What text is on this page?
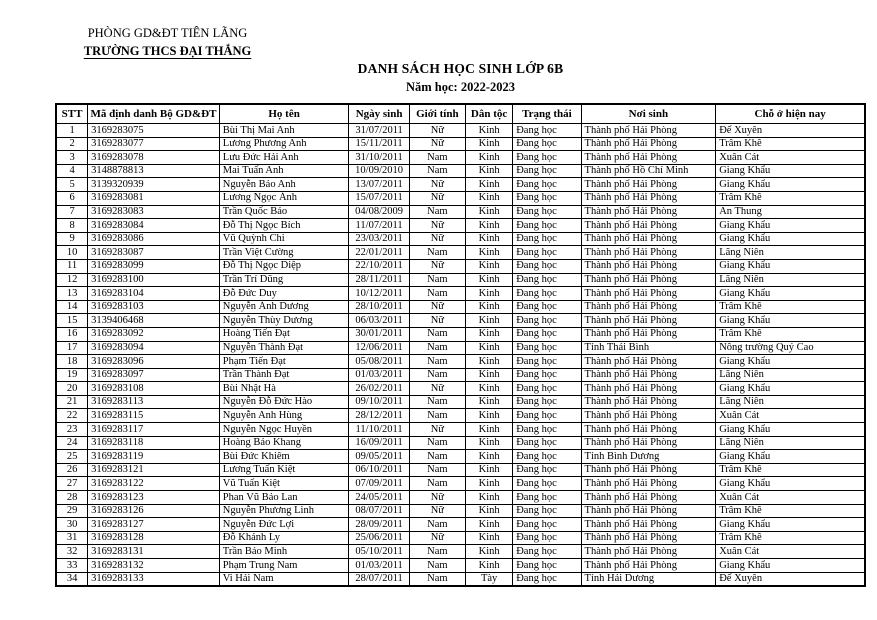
PHÒNG GD&ĐT TIÊN LÃNG
TRƯỜNG THCS ĐẠI THẮNG
DANH SÁCH HỌC SINH LỚP 6B
Năm học: 2022-2023
STT	Mã định danh Bộ GD&ĐT	Họ tên	Ngày sinh	Giới tính	Dân tộc	Trạng thái	Nơi sinh	Chỗ ở hiện nay
1	3169283075	Bùi Thị Mai Anh	31/07/2011	Nữ	Kinh	Đang học	Thành phố Hải Phòng	Để Xuyên
2	3169283077	Lương Phương Anh	15/11/2011	Nữ	Kinh	Đang học	Thành phố Hải Phòng	Trâm Khê
3	3169283078	Lưu Đức Hải Anh	31/10/2011	Nam	Kinh	Đang học	Thành phố Hải Phòng	Xuân Cát
4	3148878813	Mai Tuấn Anh	10/09/2010	Nam	Kinh	Đang học	Thành phố Hồ Chí Minh	Giang Khẩu
5	3139320939	Nguyễn Bảo Anh	13/07/2011	Nữ	Kinh	Đang học	Thành phố Hải Phòng	Giang Khẩu
6	3169283081	Lương Ngọc Ánh	15/07/2011	Nữ	Kinh	Đang học	Thành phố Hải Phòng	Trâm Khê
7	3169283083	Trần Quốc Bảo	04/08/2009	Nam	Kinh	Đang học	Thành phố Hải Phòng	An Thung
8	3169283084	Đỗ Thị Ngọc Bích	11/07/2011	Nữ	Kinh	Đang học	Thành phố Hải Phòng	Giang Khẩu
9	3169283086	Vũ Quỳnh Chi	23/03/2011	Nữ	Kinh	Đang học	Thành phố Hải Phòng	Giang Khẩu
10	3169283087	Trần Việt Cường	22/01/2011	Nam	Kinh	Đang học	Thành phố Hải Phòng	Lãng Niên
11	3169283099	Đỗ Thị Ngọc Diệp	22/10/2011	Nữ	Kinh	Đang học	Thành phố Hải Phòng	Giang Khẩu
12	3169283100	Trần Trí Dũng	28/11/2011	Nam	Kinh	Đang học	Thành phố Hải Phòng	Lãng Niên
13	3169283104	Đỗ Đức Duy	10/12/2011	Nam	Kinh	Đang học	Thành phố Hải Phòng	Giang Khẩu
14	3169283103	Nguyễn Ánh Dương	28/10/2011	Nữ	Kinh	Đang học	Thành phố Hải Phòng	Trâm Khê
15	3139406468	Nguyễn Thùy Dương	06/03/2011	Nữ	Kinh	Đang học	Thành phố Hải Phòng	Giang Khẩu
16	3169283092	Hoàng Tiến Đạt	30/01/2011	Nam	Kinh	Đang học	Thành phố Hải Phòng	Trâm Khê
17	3169283094	Nguyễn Thành Đạt	12/06/2011	Nam	Kinh	Đang học	Tỉnh Thái Bình	Nông trường Quý Cao
18	3169283096	Phạm Tiến Đạt	05/08/2011	Nam	Kinh	Đang học	Thành phố Hải Phòng	Giang Khẩu
19	3169283097	Trần Thành Đạt	01/03/2011	Nam	Kinh	Đang học	Thành phố Hải Phòng	Lãng Niên
20	3169283108	Bùi Nhật Hà	26/02/2011	Nữ	Kinh	Đang học	Thành phố Hải Phòng	Giang Khẩu
21	3169283113	Nguyễn Đỗ Đức Hào	09/10/2011	Nam	Kinh	Đang học	Thành phố Hải Phòng	Lãng Niên
22	3169283115	Nguyễn Anh Hùng	28/12/2011	Nam	Kinh	Đang học	Thành phố Hải Phòng	Xuân Cát
23	3169283117	Nguyễn Ngọc Huyền	11/10/2011	Nữ	Kinh	Đang học	Thành phố Hải Phòng	Giang Khẩu
24	3169283118	Hoàng Bảo Khang	16/09/2011	Nam	Kinh	Đang học	Thành phố Hải Phòng	Lãng Niên
25	3169283119	Bùi Đức Khiêm	09/05/2011	Nam	Kinh	Đang học	Tỉnh Bình Dương	Giang Khẩu
26	3169283121	Lương Tuấn Kiệt	06/10/2011	Nam	Kinh	Đang học	Thành phố Hải Phòng	Trâm Khê
27	3169283122	Vũ Tuấn Kiệt	07/09/2011	Nam	Kinh	Đang học	Thành phố Hải Phòng	Giang Khẩu
28	3169283123	Phan Vũ Bảo Lan	24/05/2011	Nữ	Kinh	Đang học	Thành phố Hải Phòng	Xuân Cát
29	3169283126	Nguyễn Phương Linh	08/07/2011	Nữ	Kinh	Đang học	Thành phố Hải Phòng	Trâm Khê
30	3169283127	Nguyễn Đức Lợi	28/09/2011	Nam	Kinh	Đang học	Thành phố Hải Phòng	Giang Khẩu
31	3169283128	Đỗ Khánh Ly	25/06/2011	Nữ	Kinh	Đang học	Thành phố Hải Phòng	Trâm Khê
32	3169283131	Trần Bảo Minh	05/10/2011	Nam	Kinh	Đang học	Thành phố Hải Phòng	Xuân Cát
33	3169283132	Phạm Trung Nam	01/03/2011	Nam	Kinh	Đang học	Thành phố Hải Phòng	Giang Khẩu
34	3169283133	Vi Hải Nam	28/07/2011	Nam	Tày	Đang học	Tỉnh Hải Dương	Để Xuyên
